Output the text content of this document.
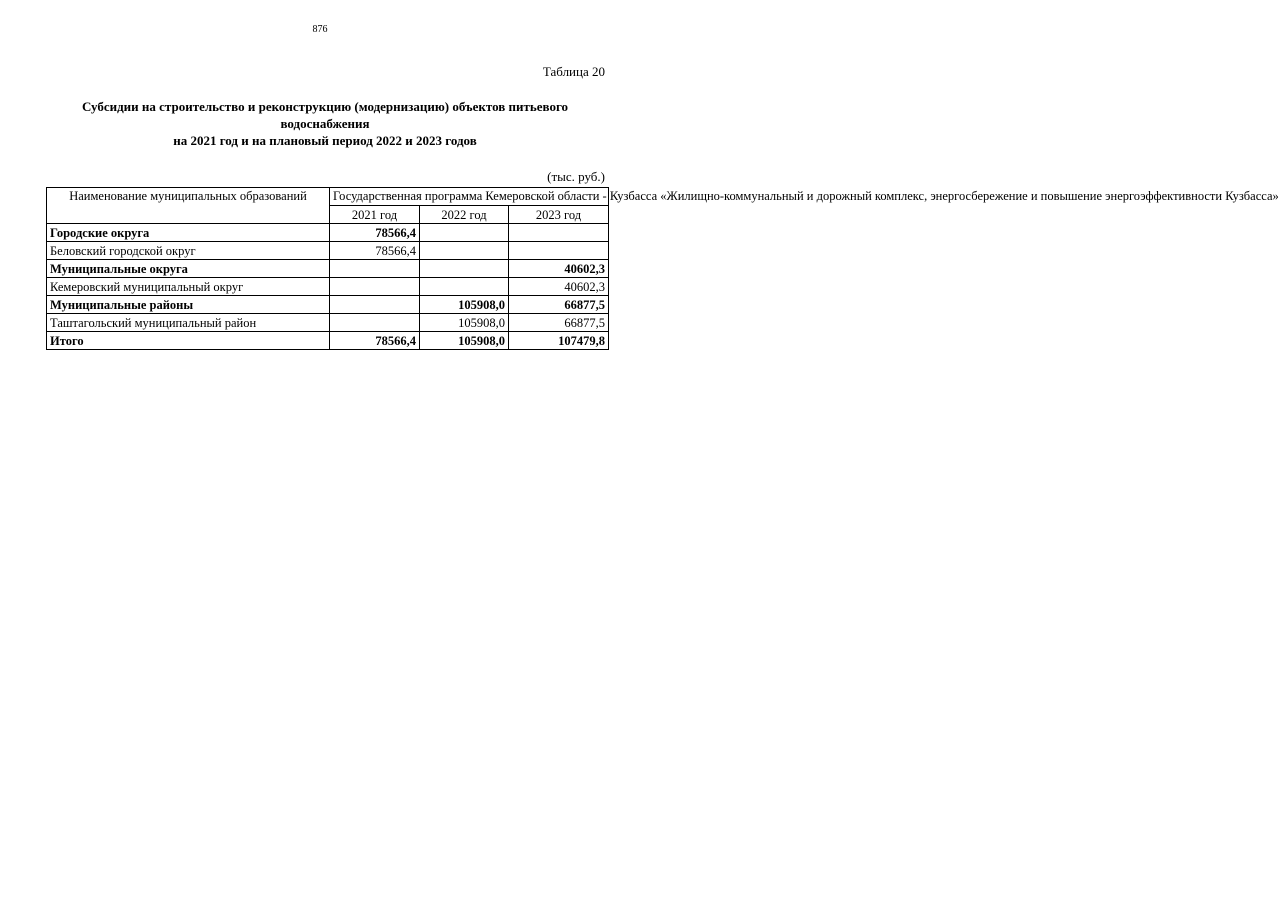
876
Таблица 20
Субсидии на строительство и реконструкцию (модернизацию) объектов питьевого
водоснабжения
на 2021 год и на плановый период 2022 и 2023 годов
(тыс. руб.)
Наименование муниципальных образований	Государственная программа Кемеровской области - Кузбасса «Жилищно-коммунальный и дорожный комплекс, энергосбережение и повышение энергоэффективности Кузбасса»		
	2021 год	2022 год	2023 год
Городские округа	78566,4		
Беловский городской округ	78566,4		
Муниципальные округа			40602,3
Кемеровский муниципальный округ			40602,3
Муниципальные районы		105908,0	66877,5
Таштагольский муниципальный район		105908,0	66877,5
Итого	78566,4	105908,0	107479,8
